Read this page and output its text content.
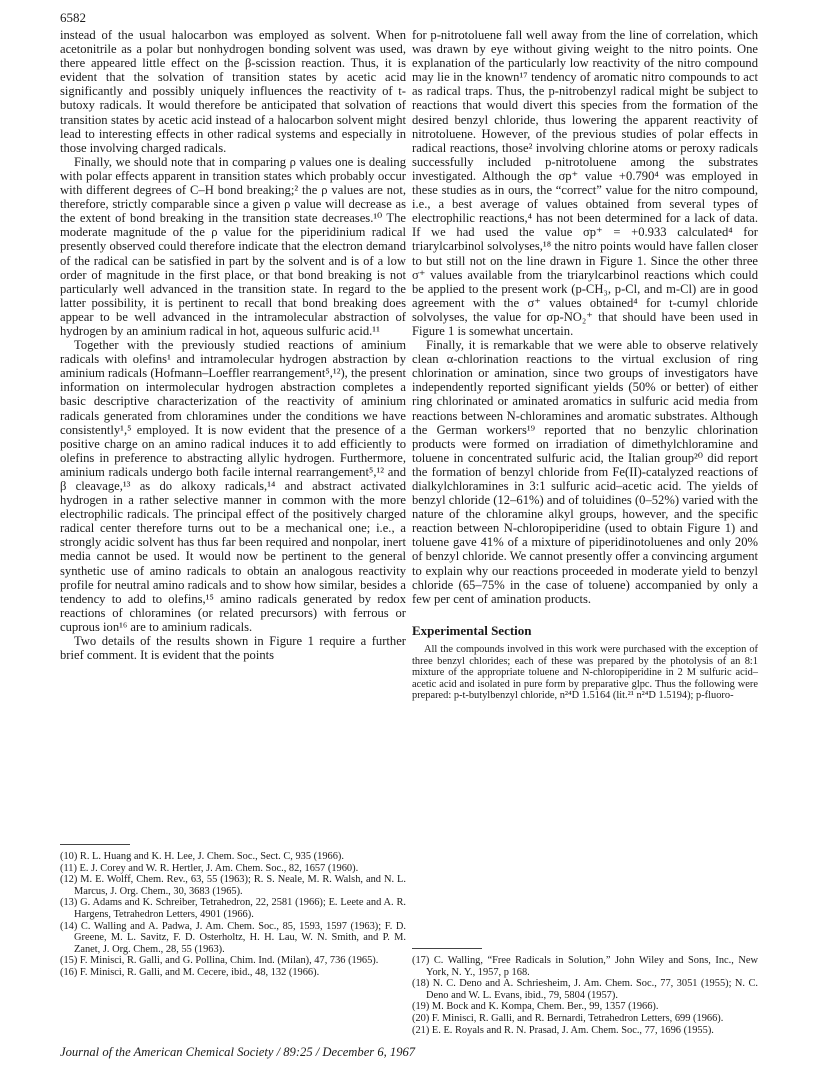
6582

instead of the usual halocarbon was employed as solvent. When acetonitrile as a polar but nonhydrogen bonding solvent was used, there appeared little effect on the β-scission reaction. Thus, it is evident that the solvation of transition states by acetic acid significantly and possibly uniquely influences the reactivity of t-butoxy radicals. It would therefore be anticipated that solvation of transition states by acetic acid instead of a halocarbon solvent might lead to interesting effects in other radical systems and especially in those involving charged radicals.

Finally, we should note that in comparing ρ values one is dealing with polar effects apparent in transition states which probably occur with different degrees of C–H bond breaking;² the ρ values are not, therefore, strictly comparable since a given ρ value will decrease as the extent of bond breaking in the transition state decreases.¹⁰ The moderate magnitude of the ρ value for the piperidinium radical presently observed could therefore indicate that the electron demand of the radical can be satisfied in part by the solvent and is of a low order of magnitude in the first place, or that bond breaking is not particularly well advanced in the transition state. In regard to the latter possibility, it is pertinent to recall that bond breaking does appear to be well advanced in the intramolecular abstraction of hydrogen by an aminium radical in hot, aqueous sulfuric acid.¹¹

Together with the previously studied reactions of aminium radicals with olefins¹ and intramolecular hydrogen abstraction by aminium radicals (Hofmann–Loeffler rearrangement⁵,¹²), the present information on intermolecular hydrogen abstraction completes a basic descriptive characterization of the reactivity of aminium radicals generated from chloramines under the conditions we have consistently¹,⁵ employed. It is now evident that the presence of a positive charge on an amino radical induces it to add efficiently to olefins in preference to abstracting allylic hydrogen. Furthermore, aminium radicals undergo both facile internal rearrangement⁵,¹² and β cleavage,¹³ as do alkoxy radicals,¹⁴ and abstract activated hydrogen in a rather selective manner in common with the more electrophilic radicals. The principal effect of the positively charged radical center therefore turns out to be a mechanical one; i.e., a strongly acidic solvent has thus far been required and nonpolar, inert media cannot be used. It would now be pertinent to the general synthetic use of amino radicals to obtain an analogous reactivity profile for neutral amino radicals and to show how similar, besides a tendency to add to olefins,¹⁵ amino radicals generated by redox reactions of chloramines (or related precursors) with ferrous or cuprous ion¹⁶ are to aminium radicals.

Two details of the results shown in Figure 1 require a further brief comment. It is evident that the points

(10) R. L. Huang and K. H. Lee, J. Chem. Soc., Sect. C, 935 (1966).

(11) E. J. Corey and W. R. Hertler, J. Am. Chem. Soc., 82, 1657 (1960).

(12) M. E. Wolff, Chem. Rev., 63, 55 (1963); R. S. Neale, M. R. Walsh, and N. L. Marcus, J. Org. Chem., 30, 3683 (1965).

(13) G. Adams and K. Schreiber, Tetrahedron, 22, 2581 (1966); E. Leete and A. R. Hargens, Tetrahedron Letters, 4901 (1966).

(14) C. Walling and A. Padwa, J. Am. Chem. Soc., 85, 1593, 1597 (1963); F. D. Greene, M. L. Savitz, F. D. Osterholtz, H. H. Lau, W. N. Smith, and P. M. Zanet, J. Org. Chem., 28, 55 (1963).

(15) F. Minisci, R. Galli, and G. Pollina, Chim. Ind. (Milan), 47, 736 (1965).

(16) F. Minisci, R. Galli, and M. Cecere, ibid., 48, 132 (1966).

for p-nitrotoluene fall well away from the line of correlation, which was drawn by eye without giving weight to the nitro points. One explanation of the particularly low reactivity of the nitro compound may lie in the known¹⁷ tendency of aromatic nitro compounds to act as radical traps. Thus, the p-nitrobenzyl radical might be subject to reactions that would divert this species from the formation of the desired benzyl chloride, thus lowering the apparent reactivity of nitrotoluene. However, of the previous studies of polar effects in radical reactions, those² involving chlorine atoms or peroxy radicals successfully included p-nitrotoluene among the substrates investigated. Although the σp⁺ value +0.790⁴ was employed in these studies as in ours, the “correct” value for the nitro compound, i.e., a best average of values obtained from several types of electrophilic reactions,⁴ has not been determined for a lack of data. If we had used the value σp⁺ = +0.933 calculated⁴ for triarylcarbinol solvolyses,¹⁸ the nitro points would have fallen closer to but still not on the line drawn in Figure 1. Since the other three σ⁺ values available from the triarylcarbinol reactions which could be applied to the present work (p-CH₃, p-Cl, and m-Cl) are in good agreement with the σ⁺ values obtained⁴ for t-cumyl chloride solvolyses, the value for σp-NO₂⁺ that should have been used in Figure 1 is somewhat uncertain.

Finally, it is remarkable that we were able to observe relatively clean α-chlorination reactions to the virtual exclusion of ring chlorination or amination, since two groups of investigators have independently reported significant yields (50% or better) of either ring chlorinated or aminated aromatics in sulfuric acid media from reactions between N-chloramines and aromatic substrates. Although the German workers¹⁹ reported that no benzylic chlorination products were formed on irradiation of dimethylchloramine and toluene in concentrated sulfuric acid, the Italian group²⁰ did report the formation of benzyl chloride from Fe(II)-catalyzed reactions of dialkylchloramines in 3:1 sulfuric acid–acetic acid. The yields of benzyl chloride (12–61%) and of toluidines (0–52%) varied with the nature of the chloramine alkyl groups, however, and the specific reaction between N-chloropiperidine (used to obtain Figure 1) and toluene gave 41% of a mixture of piperidinotoluenes and only 20% of benzyl chloride. We cannot presently offer a convincing argument to explain why our reactions proceeded in moderate yield to benzyl chloride (65–75% in the case of toluene) accompanied by only a few per cent of amination products.

Experimental Section

All the compounds involved in this work were purchased with the exception of three benzyl chlorides; each of these was prepared by the photolysis of an 8:1 mixture of the appropriate toluene and N-chloropiperidine in 2 M sulfuric acid–acetic acid and isolated in pure form by preparative glpc. Thus the following were prepared: p-t-butylbenzyl chloride, n²⁴D 1.5164 (lit.²¹ n²⁴D 1.5194); p-fluoro-

(17) C. Walling, “Free Radicals in Solution,” John Wiley and Sons, Inc., New York, N. Y., 1957, p 168.

(18) N. C. Deno and A. Schriesheim, J. Am. Chem. Soc., 77, 3051 (1955); N. C. Deno and W. L. Evans, ibid., 79, 5804 (1957).

(19) M. Bock and K. Kompa, Chem. Ber., 99, 1357 (1966).

(20) F. Minisci, R. Galli, and R. Bernardi, Tetrahedron Letters, 699 (1966).

(21) E. E. Royals and R. N. Prasad, J. Am. Chem. Soc., 77, 1696 (1955).

Journal of the American Chemical Society / 89:25 / December 6, 1967
